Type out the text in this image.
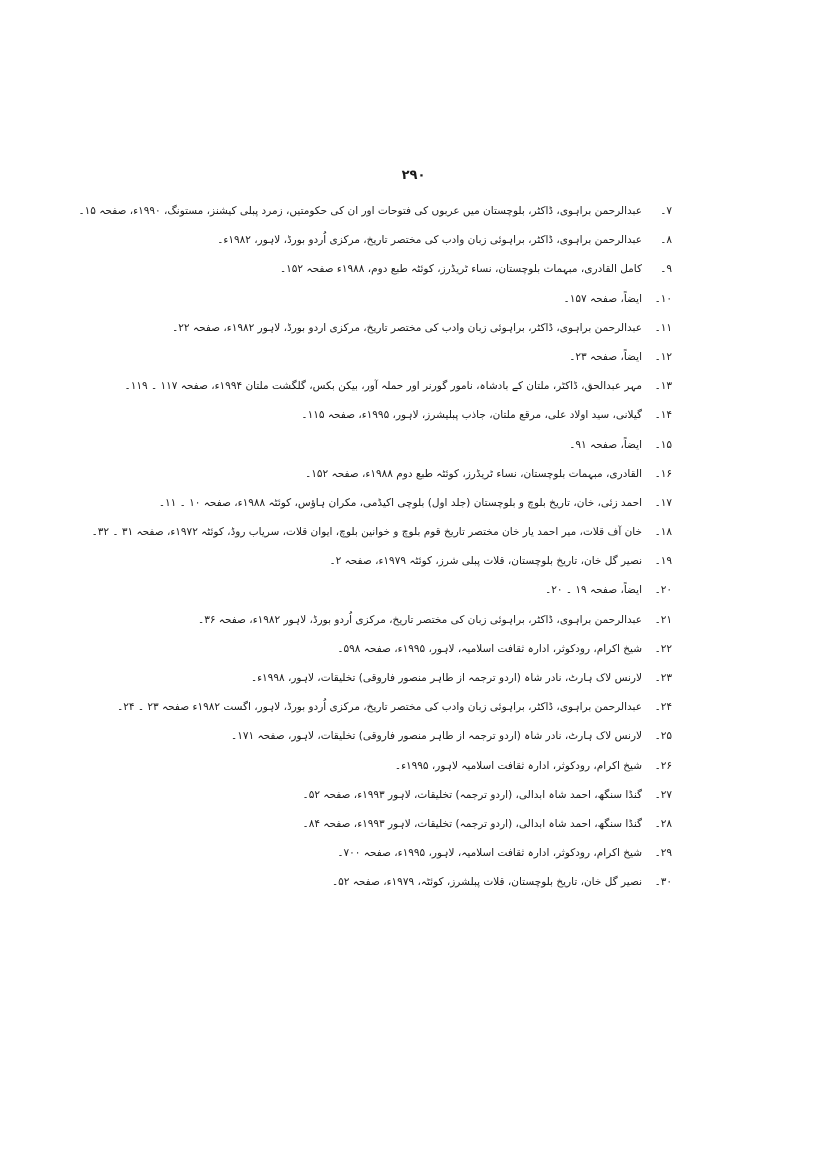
۲۹۰
۷۔عبدالرحمن براہوی، ڈاکٹر، بلوچستان میں عربوں کی فتوحات اور ان کی حکومتیں، زمرد پبلی کیشنز، مستونگ، ۱۹۹۰ء، صفحہ ۱۵۔
۸۔عبدالرحمن براہوی، ڈاکٹر، براہوئی زبان وادب کی مختصر تاریخ، مرکزی اُردو بورڈ، لاہور، ۱۹۸۲ء۔
۹۔کامل القادری، مبہمات بلوچستان، نساء ٹریڈرز، کوئٹہ طبع دوم، ۱۹۸۸ء صفحہ ۱۵۲۔
۱۰۔ایضاً، صفحہ ۱۵۷۔
۱۱۔عبدالرحمن براہوی، ڈاکٹر، براہوئی زبان وادب کی مختصر تاریخ، مرکزی اردو بورڈ، لاہور ۱۹۸۲ء، صفحہ ۲۲۔
۱۲۔ایضاً، صفحہ ۲۳۔
۱۳۔مہر عبدالحق، ڈاکٹر، ملتان کے بادشاہ، نامور گورنر اور حملہ آور، بیکن بکس، گلگشت ملتان ۱۹۹۴ء، صفحہ ۱۱۷ ۔ ۱۱۹۔
۱۴۔گیلانی، سید اولاد علی، مرقع ملتان، جاذب پبلیشرز، لاہور، ۱۹۹۵ء، صفحہ ۱۱۵۔
۱۵۔ایضاً، صفحہ ۹۱۔
۱۶۔القادری، مبہمات بلوچستان، نساء ٹریڈرز، کوئٹہ طبع دوم ۱۹۸۸ء، صفحہ ۱۵۲۔
۱۷۔احمد زئی، خان، تاریخ بلوچ و بلوچستان (جلد اول) بلوچی اکیڈمی، مکران ہاؤس، کوئٹہ ۱۹۸۸ء، صفحہ ۱۰ ۔ ۱۱۔
۱۸۔خان آف قلات، میر احمد یار خان مختصر تاریخ قوم بلوچ و خوانین بلوچ، ایوان قلات، سریاب روڈ، کوئٹہ ۱۹۷۲ء، صفحہ ۳۱ ۔ ۳۲۔
۱۹۔نصیر گل خان، تاریخ بلوچستان، قلات پبلی شرز، کوئٹہ ۱۹۷۹ء، صفحہ ۲۔
۲۰۔ایضاً، صفحہ ۱۹ ۔ ۲۰۔
۲۱۔عبدالرحمن براہوی، ڈاکٹر، براہوئی زبان کی مختصر تاریخ، مرکزی اُردو بورڈ، لاہور ۱۹۸۲ء، صفحہ ۳۶۔
۲۲۔شیخ اکرام، رودکوثر، ادارہ ثقافت اسلامیہ، لاہور، ۱۹۹۵ء، صفحہ ۵۹۸۔
۲۳۔لارنس لاک ہارٹ، نادر شاہ (اردو ترجمہ از طاہر منصور فاروقی) تخلیقات، لاہور، ۱۹۹۸ء۔
۲۴۔عبدالرحمن براہوی، ڈاکٹر، براہوئی زبان وادب کی مختصر تاریخ، مرکزی اُردو بورڈ، لاہور، اگست ۱۹۸۲ء صفحہ ۲۳ ۔ ۲۴۔
۲۵۔لارنس لاک ہارٹ، نادر شاہ (اردو ترجمہ از طاہر منصور فاروقی) تخلیقات، لاہور، صفحہ ۱۷۱۔
۲۶۔شیخ اکرام، رودکوثر، ادارہ ثقافت اسلامیہ لاہور، ۱۹۹۵ء۔
۲۷۔گنڈا سنگھ، احمد شاہ ابدالی، (اردو ترجمہ) تخلیقات، لاہور ۱۹۹۳ء، صفحہ ۵۲۔
۲۸۔گنڈا سنگھ، احمد شاہ ابدالی، (اردو ترجمہ) تخلیقات، لاہور ۱۹۹۳ء، صفحہ ۸۴۔
۲۹۔شیخ اکرام، رودکوثر، ادارہ ثقافت اسلامیہ، لاہور، ۱۹۹۵ء، صفحہ ۷۰۰۔
۳۰۔نصیر گل خان، تاریخ بلوچستان، قلات پبلشرز، کوئٹہ، ۱۹۷۹ء، صفحہ ۵۲۔
